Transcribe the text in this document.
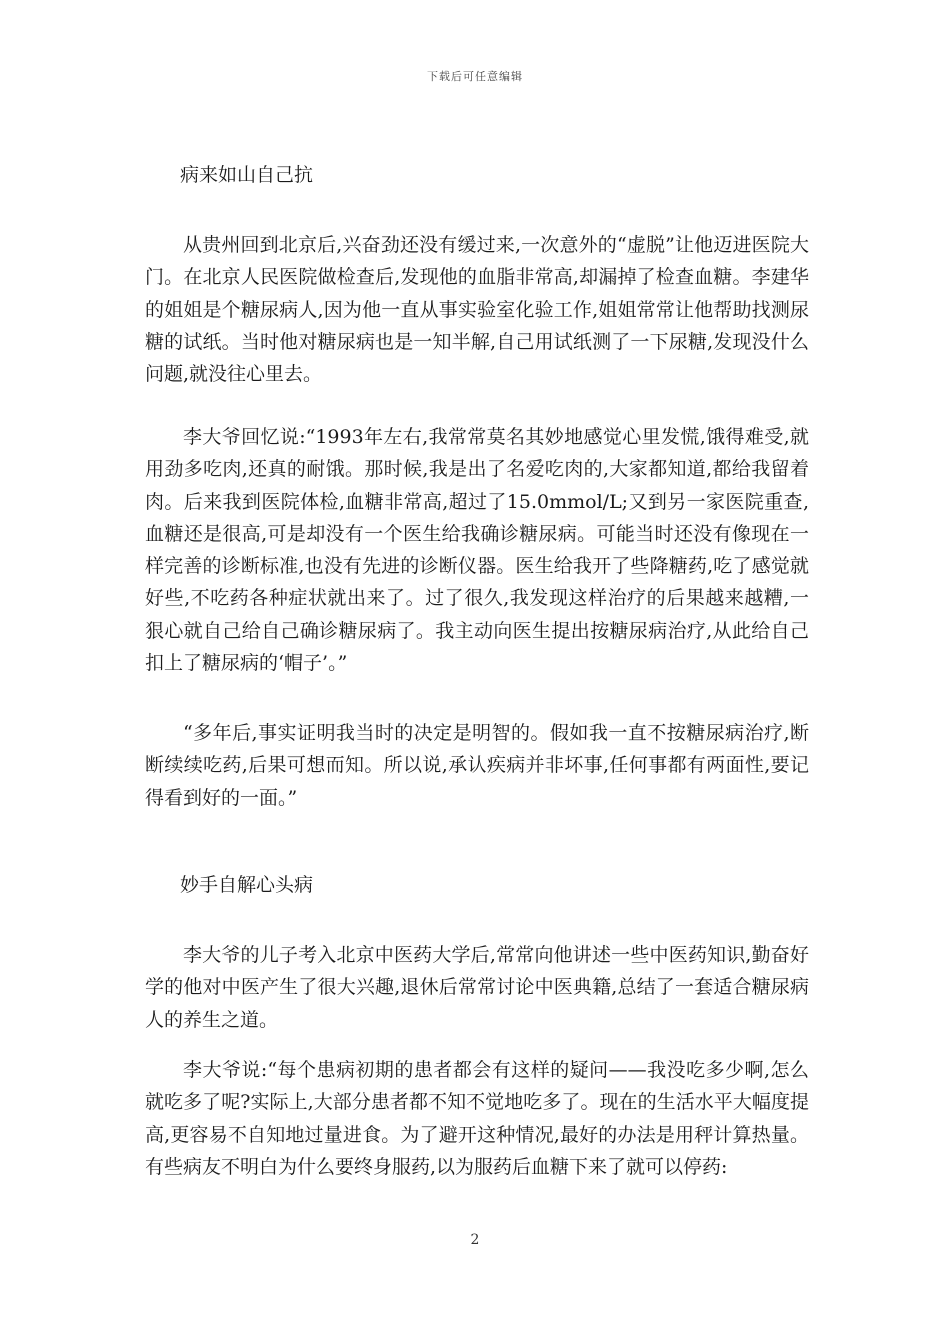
下载后可任意编辑
病来如山自己抗
从贵州回到北京后,兴奋劲还没有缓过来,一次意外的“虚脱”让他迈进医院大门。在北京人民医院做检查后,发现他的血脂非常高,却漏掉了检查血糖。李建华的姐姐是个糖尿病人,因为他一直从事实验室化验工作,姐姐常常让他帮助找测尿糖的试纸。当时他对糖尿病也是一知半解,自己用试纸测了一下尿糖,发现没什么问题,就没往心里去。
李大爷回忆说:“1993年左右,我常常莫名其妙地感觉心里发慌,饿得难受,就用劲多吃肉,还真的耐饿。那时候,我是出了名爱吃肉的,大家都知道,都给我留着肉。后来我到医院体检,血糖非常高,超过了15.0mmol/L;又到另一家医院重查,血糖还是很高,可是却没有一个医生给我确诊糖尿病。可能当时还没有像现在一样完善的诊断标准,也没有先进的诊断仪器。医生给我开了些降糖药,吃了感觉就好些,不吃药各种症状就出来了。过了很久,我发现这样治疗的后果越来越糟,一狠心就自己给自己确诊糖尿病了。我主动向医生提出按糖尿病治疗,从此给自己扣上了糖尿病的‘帽子’。”
“多年后,事实证明我当时的决定是明智的。假如我一直不按糖尿病治疗,断断续续吃药,后果可想而知。所以说,承认疾病并非坏事,任何事都有两面性,要记得看到好的一面。”
妙手自解心头病
李大爷的儿子考入北京中医药大学后,常常向他讲述一些中医药知识,勤奋好学的他对中医产生了很大兴趣,退休后常常讨论中医典籍,总结了一套适合糖尿病人的养生之道。
李大爷说:“每个患病初期的患者都会有这样的疑问——我没吃多少啊,怎么就吃多了呢?实际上,大部分患者都不知不觉地吃多了。现在的生活水平大幅度提高,更容易不自知地过量进食。为了避开这种情况,最好的办法是用秤计算热量。有些病友不明白为什么要终身服药,以为服药后血糖下来了就可以停药:
2
